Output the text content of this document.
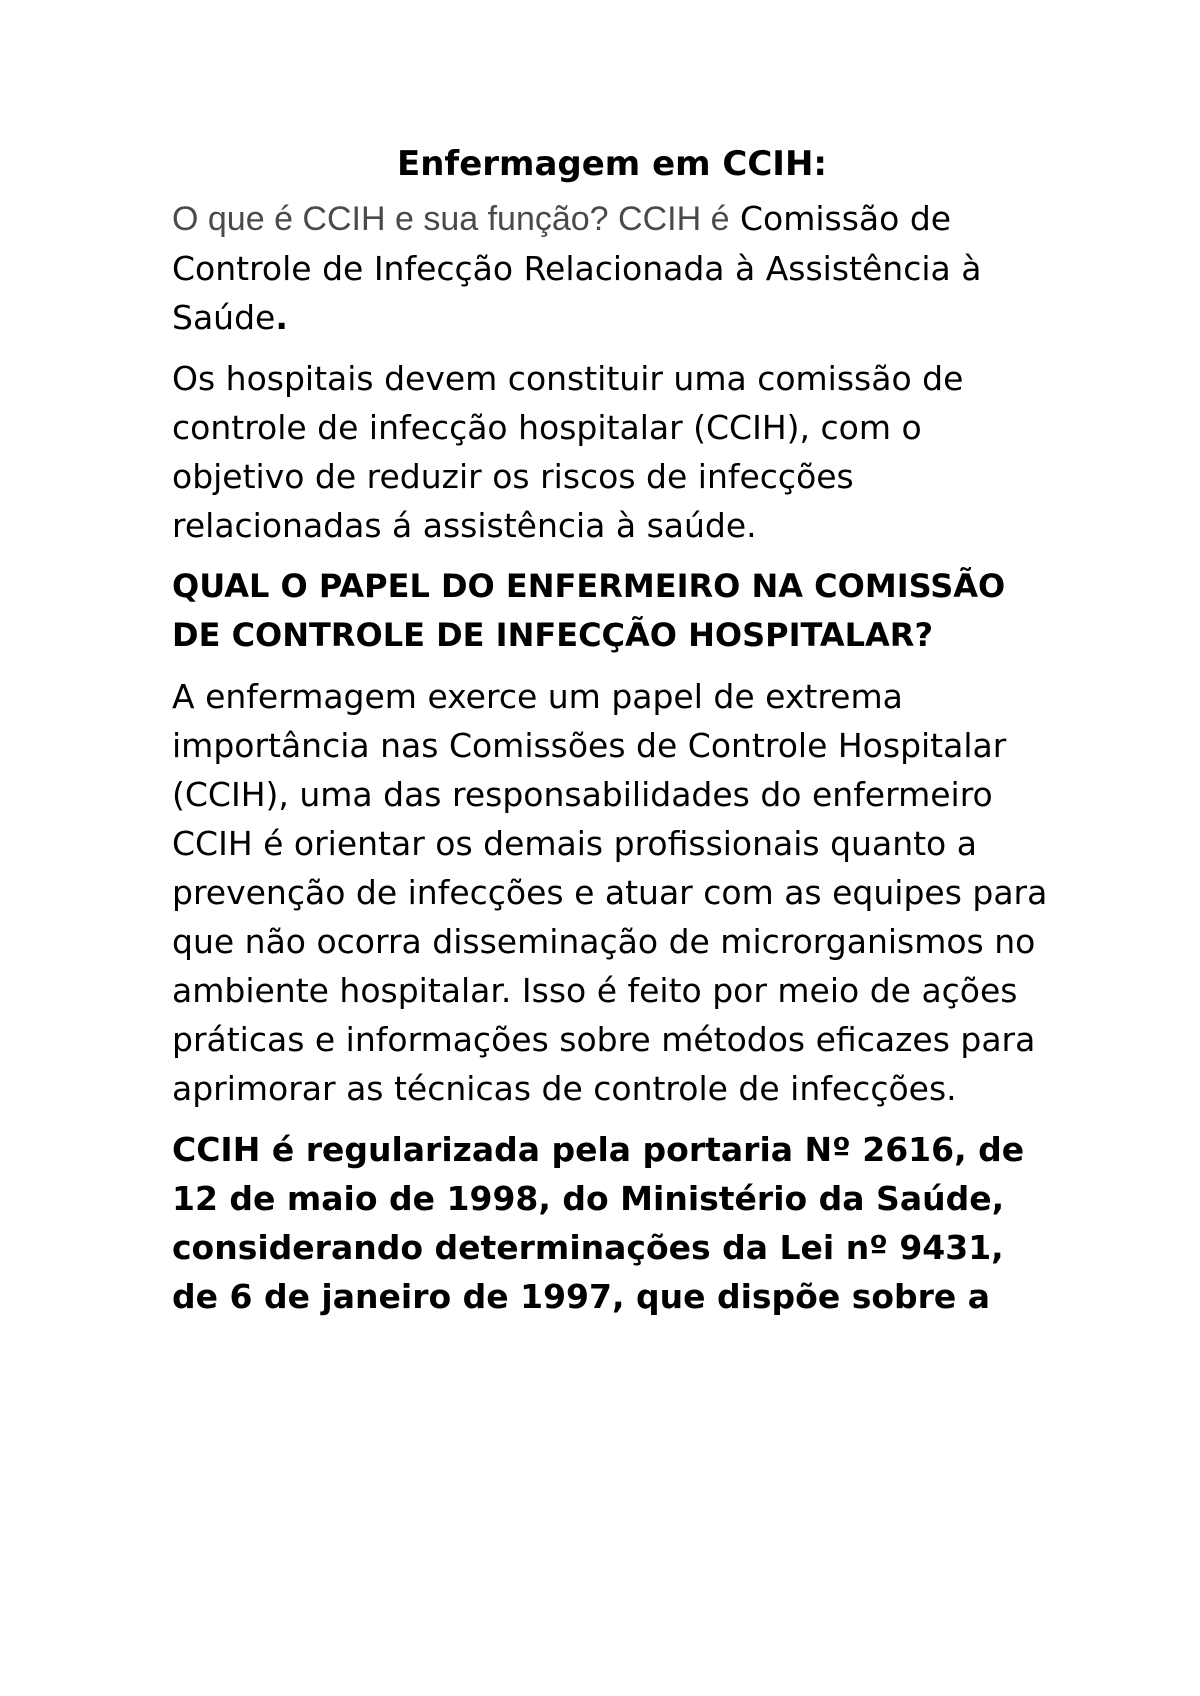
Enfermagem em CCIH:

O que é CCIH e sua função? CCIH é Comissão de Controle de Infecção Relacionada à Assistência à Saúde.

Os hospitais devem constituir uma comissão de controle de infecção hospitalar (CCIH), com o objetivo de reduzir os riscos de infecções relacionadas á assistência à saúde.

QUAL O PAPEL DO ENFERMEIRO NA COMISSÃO DE CONTROLE DE INFECÇÃO HOSPITALAR?

A enfermagem exerce um papel de extrema importância nas Comissões de Controle Hospitalar (CCIH), uma das responsabilidades do enfermeiro CCIH é orientar os demais profissionais quanto a prevenção de infecções e atuar com as equipes para que não ocorra disseminação de microrganismos no ambiente hospitalar. Isso é feito por meio de ações práticas e informações sobre métodos eficazes para aprimorar as técnicas de controle de infecções.

CCIH é regularizada pela portaria Nº 2616, de 12 de maio de 1998, do Ministério da Saúde, considerando determinações da Lei nº 9431, de 6 de janeiro de 1997, que dispõe sobre a
